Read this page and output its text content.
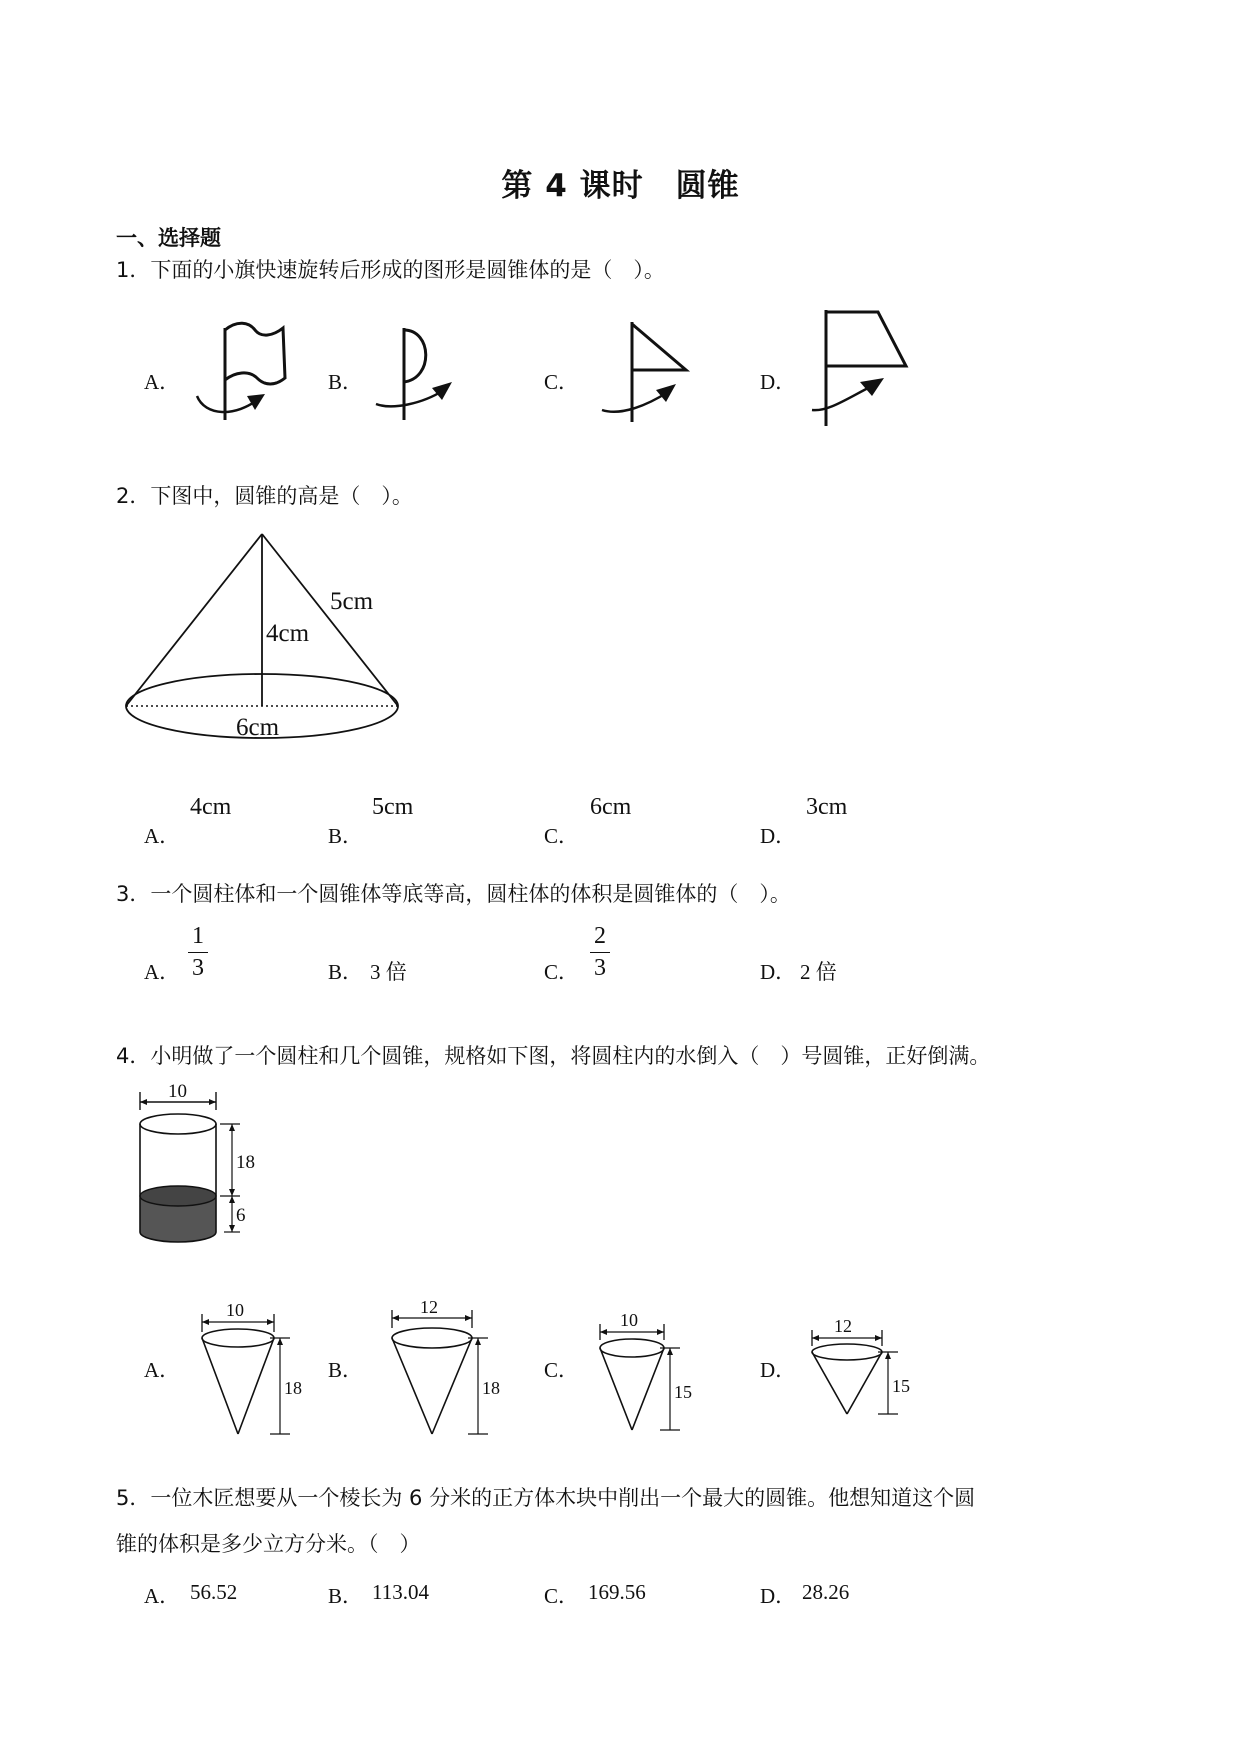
第 4 课时　圆锥
一、选择题
1．下面的小旗快速旋转后形成的图形是圆锥体的是（　）。
A．	B．	C．	D．
2．下图中，圆锥的高是（　）。
5cm
4cm
6cm
A．
4cm
B．
5cm
C．
6cm
D．
3cm
3．一个圆柱体和一个圆锥体等底等高，圆柱体的体积是圆锥体的（　）。
A．
1
3	B． 3 倍	C．
2
3	D． 2 倍
4．小明做了一个圆柱和几个圆锥，规格如下图，将圆柱内的水倒入（　）号圆锥，正好倒满。
10
18
6
A．
10
18
B．
12
18
C．
10
15
D．
12
15
5．一位木匠想要从一个棱长为 6 分米的正方体木块中削出一个最大的圆锥。他想知道这个圆
锥的体积是多少立方分米。（　）
A． 56.52	B． 113.04	C． 169.56	D． 28.26
